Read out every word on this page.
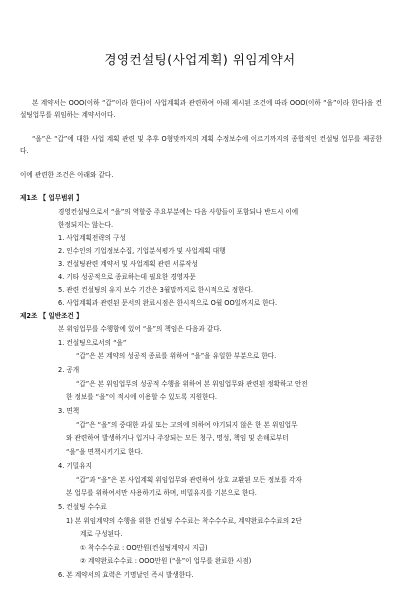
경영컨설팅(사업계획) 위임계약서
본 계약서는 OOO(이하 “갑”이라 한다)이 사업계획과 관련하여 아래 제시된 조건에 따라 OOO(이하 “을”이라 한다)을 컨설팅업무를 위임하는 계약서이다.
“을”은 “갑”에 대한 사업 계획 관련 및 추후 O형맞까지의 계획 수정보수에 이르기까지의 종합적인 컨설팅 업무를 제공한다.
이에 관련한 조건은 아래와 같다.
제1조 【 업무범위 】
경영컨설팅으로서 “을”의 역할중 주요부분에는 다음 사항들이 포함되나 반드시 이에
한정되지는 않는다.
1. 사업계획전략의 구성
2. 인수인의 기업정보수집, 기업분석평가 및 사업계획 대행
3. 컨설팅관련 계약서 및 사업계획 관련 서류작성
4. 기타 성공적으로 종료하는데 필요한 경영자문
5. 관련 컨설팅의 유지 보수 기간은 3월말까지로 한시적으로 정한다.
6. 사업계획과 관련된 문서의 완료시점은 한시적으로 O월 OO일까지로 한다.
제2조 【 일반조건 】
본 위임업무를 수행함에 있어 “을”의 책임은 다음과 같다.
1. 컨설팅으로서의 “을”
“갑”은 본 계약의 성공적 종료를 위하여 “을”을 유일한 부분으로 한다.
2. 공개
“갑”은 본 위임업무의 성공적 수행을 위하여 본 위임업무와 관련된 정확하고 안전
한 정보를 “을”이 적시에 이용할 수 있도록 지원한다.
3. 면책
“갑”은 “을”의 중대한 과실 또는 고의에 의하여 야기되지 않은 한 본 위임업무
와 관련하여 발생하거나 입거나 주장되는 모든 청구, 명성, 책임 및 손해로부터
“을”을 면책시키기로 한다.
4. 기밀유지
“갑”과 “을”은 본 사업계획 위임업무와 관련하여 상호 교환된 모든 정보를 각자
본 업무를 위하여서만 사용하기로 하며, 비밀유지를 기본으로 한다.
5. 컨설팅 수수료
1) 본 위임계약의 수행을 위한 컨설팅 수수료는 착수수수료, 계약완료수수료의 2단
계로 구성된다.
① 착수수수료 : OO만원(컨설팅계약시 지급)
② 계약완료수수료 : OOO만원 (“을”이 업무를 완료한 시점)
6. 본 계약서의 효력은 기명날인 즉시 발생한다.
